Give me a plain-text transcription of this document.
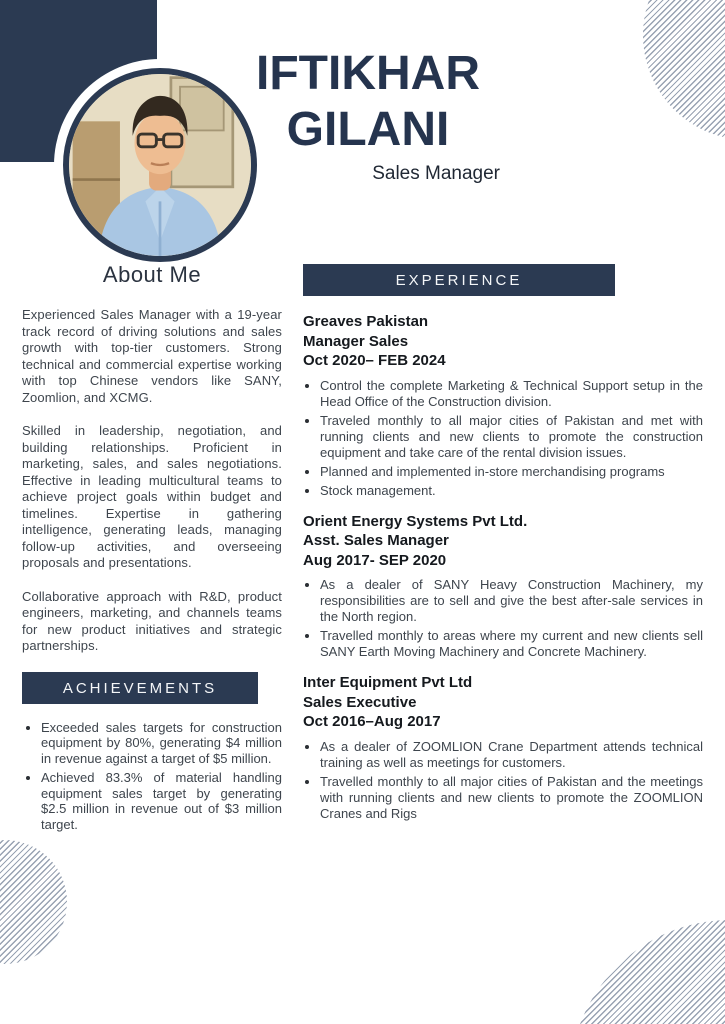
IFTIKHAR
GILANI
Sales Manager
About Me

Experienced Sales Manager with a 19-year track record of driving solutions and sales growth with top-tier customers. Strong technical and commercial expertise working with top Chinese vendors like SANY, Zoomlion, and XCMG.

Skilled in leadership, negotiation, and building relationships. Proficient in marketing, sales, and sales negotiations. Effective in leading multicultural teams to achieve project goals within budget and timelines. Expertise in gathering intelligence, generating leads, managing follow-up activities, and overseeing proposals and presentations.

Collaborative approach with R&D, product engineers, marketing, and channels teams for new product initiatives and strategic partnerships.

ACHIEVEMENTS
• Exceeded sales targets for construction equipment by 80%, generating $4 million in revenue against a target of $5 million.
• Achieved 83.3% of material handling equipment sales target by generating $2.5 million in revenue out of $3 million target.
EXPERIENCE
Greaves Pakistan
Manager Sales
Oct 2020– FEB 2024
• Control the complete Marketing & Technical Support setup in the Head Office of the Construction division.
• Traveled monthly to all major cities of Pakistan and met with running clients and new clients to promote the construction equipment and take care of the rental division issues.
• Planned and implemented in-store merchandising programs
• Stock management.
Orient Energy Systems Pvt Ltd.
Asst. Sales Manager
Aug 2017- SEP 2020
• As a dealer of SANY Heavy Construction Machinery, my responsibilities are to sell and give the best after-sale services in the North region.
• Travelled monthly to areas where my current and new clients sell SANY Earth Moving Machinery and Concrete Machinery.
Inter Equipment Pvt Ltd
Sales Executive
Oct 2016–Aug 2017
• As a dealer of ZOOMLION Crane Department attends technical training as well as meetings for customers.
• Travelled monthly to all major cities of Pakistan and the meetings with running clients and new clients to promote the ZOOMLION Cranes and Rigs
